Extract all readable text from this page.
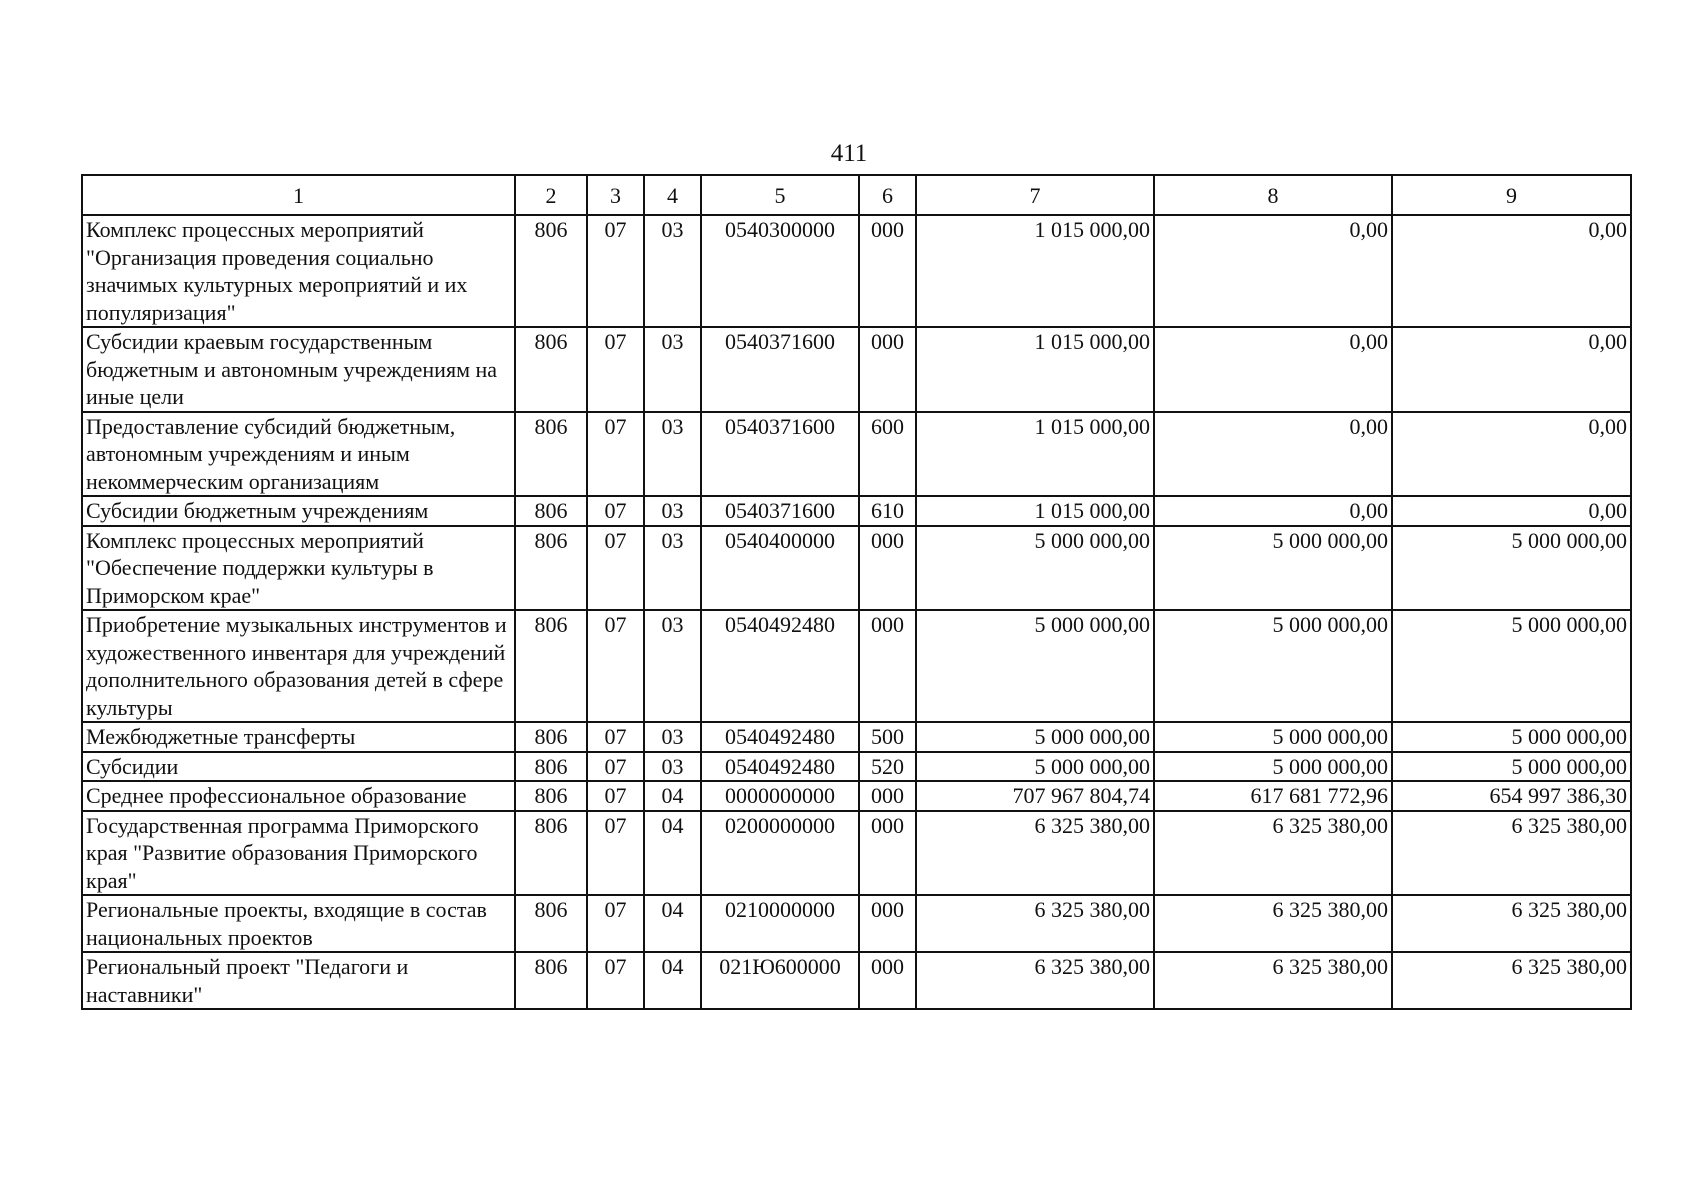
411
1	2	3	4	5	6	7	8	9
Комплекс процессных мероприятий "Организация проведения социально значимых культурных мероприятий и их популяризация"	806	07	03	0540300000	000	1 015 000,00	0,00	0,00
Субсидии краевым государственным бюджетным и автономным учреждениям на иные цели	806	07	03	0540371600	000	1 015 000,00	0,00	0,00
Предоставление субсидий бюджетным, автономным учреждениям и иным некоммерческим организациям	806	07	03	0540371600	600	1 015 000,00	0,00	0,00
Субсидии бюджетным учреждениям	806	07	03	0540371600	610	1 015 000,00	0,00	0,00
Комплекс процессных мероприятий "Обеспечение поддержки культуры в Приморском крае"	806	07	03	0540400000	000	5 000 000,00	5 000 000,00	5 000 000,00
Приобретение музыкальных инструментов и художественного инвентаря для учреждений дополнительного образования детей в сфере культуры	806	07	03	0540492480	000	5 000 000,00	5 000 000,00	5 000 000,00
Межбюджетные трансферты	806	07	03	0540492480	500	5 000 000,00	5 000 000,00	5 000 000,00
Субсидии	806	07	03	0540492480	520	5 000 000,00	5 000 000,00	5 000 000,00
Среднее профессиональное образование	806	07	04	0000000000	000	707 967 804,74	617 681 772,96	654 997 386,30
Государственная программа Приморского края "Развитие образования Приморского края"	806	07	04	0200000000	000	6 325 380,00	6 325 380,00	6 325 380,00
Региональные проекты, входящие в состав национальных проектов	806	07	04	0210000000	000	6 325 380,00	6 325 380,00	6 325 380,00
Региональный проект "Педагоги и наставники"	806	07	04	021Ю600000	000	6 325 380,00	6 325 380,00	6 325 380,00
